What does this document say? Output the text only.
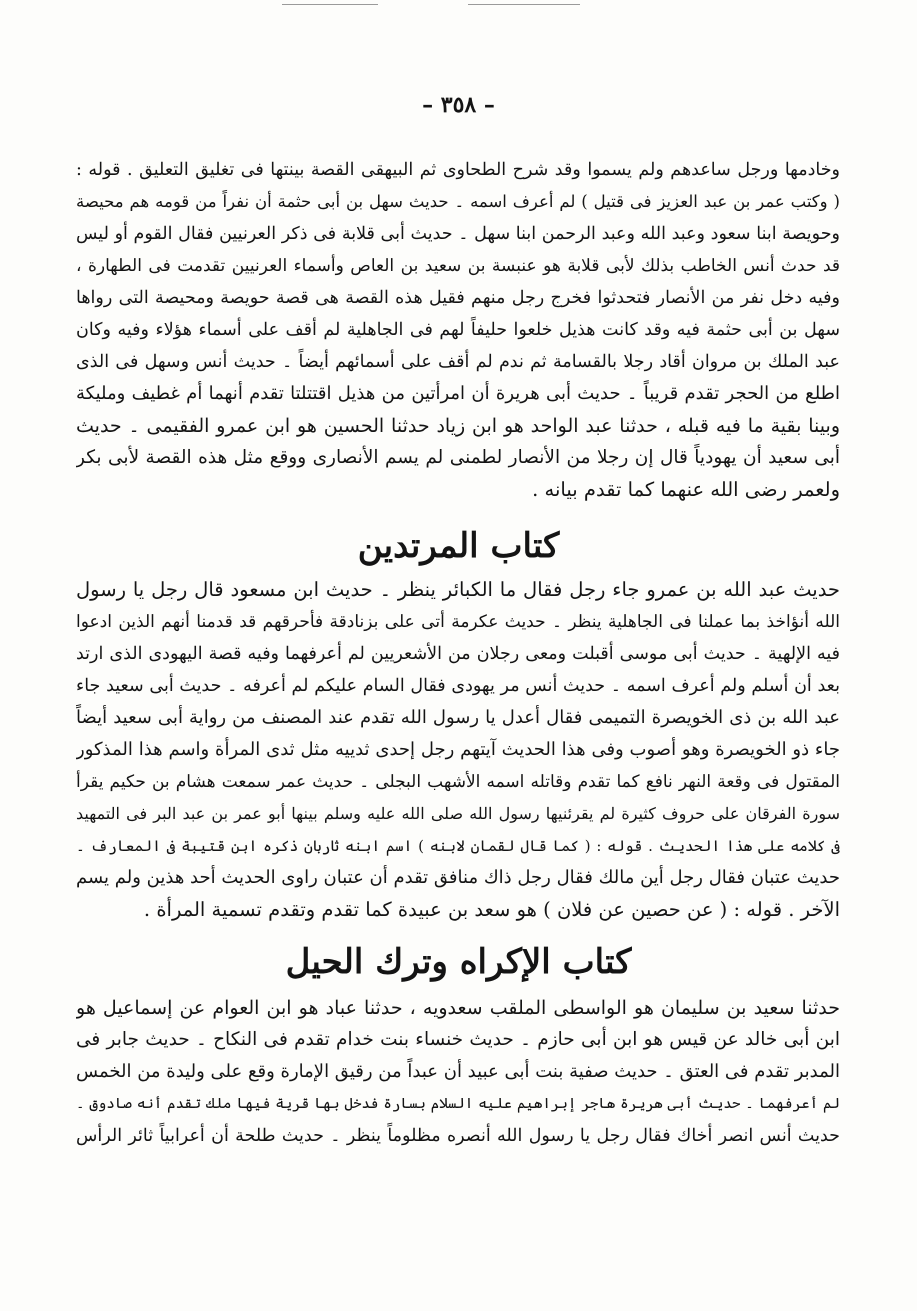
– ٣٥٨ –
وخادمها ورجل ساعدهم ولم يسموا وقد شرح الطحاوى ثم البيهقى القصة بينتها فى تغليق التعليق . قوله :
( وكتب عمر بن عبد العزيز فى قتيل ) لم أعرف اسمه ۔ حديث سهل بن أبى حثمة أن نفراً من قومه هم محيصة
وحويصة ابنا سعود وعبد الله وعبد الرحمن ابنا سهل ۔ حديث أبى قلابة فى ذكر العرنيين فقال القوم أو ليس
قد حدث أنس الخاطب بذلك لأبى قلابة هو عنبسة بن سعيد بن العاص وأسماء العرنيين تقدمت فى الطهارة ،
وفيه دخل نفر من الأنصار فتحدثوا فخرج رجل منهم فقيل هذه القصة هى قصة حويصة ومحيصة التى رواها
سهل بن أبى حثمة فيه وقد كانت هذيل خلعوا حليفاً لهم فى الجاهلية لم أقف على أسماء هؤلاء وفيه وكان
عبد الملك بن مروان أقاد رجلا بالقسامة ثم ندم لم أقف على أسمائهم أيضاً ۔ حديث أنس وسهل فى الذى
اطلع من الحجر تقدم قريباً ۔ حديث أبى هريرة أن امرأتين من هذيل اقتتلتا تقدم أنهما أم غطيف ومليكة
وبينا بقية ما فيه قبله ، حدثنا عبد الواحد هو ابن زياد حدثنا الحسين هو ابن عمرو الفقيمى ۔ حديث
أبى سعيد أن يهودياً قال إن رجلا من الأنصار لطمنى لم يسم الأنصارى ووقع مثل هذه القصة لأبى بكر
ولعمر رضى الله عنهما كما تقدم بيانه .
كتاب المرتدين
حديث عبد الله بن عمرو جاء رجل فقال ما الكبائر ينظر ۔ حديث ابن مسعود قال رجل يا رسول
الله أنؤاخذ بما عملنا فى الجاهلية ينظر ۔ حديث عكرمة أتى على بزنادقة فأحرقهم قد قدمنا أنهم الذين ادعوا
فيه الإلهية ۔ حديث أبى موسى أقبلت ومعى رجلان من الأشعريين لم أعرفهما وفيه قصة اليهودى الذى ارتد
بعد أن أسلم ولم أعرف اسمه ۔ حديث أنس مر يهودى فقال السام عليكم لم أعرفه ۔ حديث أبى سعيد جاء
عبد الله بن ذى الخويصرة التميمى فقال أعدل يا رسول الله تقدم عند المصنف من رواية أبى سعيد أيضاً
جاء ذو الخويصرة وهو أصوب وفى هذا الحديث آيتهم رجل إحدى ثدييه مثل ثدى المرأة واسم هذا المذكور
المقتول فى وقعة النهر نافع كما تقدم وقاتله اسمه الأشهب البجلى ۔ حديث عمر سمعت هشام بن حكيم يقرأ
سورة الفرقان على حروف كثيرة لم يقرئنيها رسول الله صلى الله عليه وسلم بينها أبو عمر بن عبد البر فى التمهيد
فى كلامه على هذا الحديث . قوله : ( كما قال لقمان لابنه ) اسم ابنه ثاربان ذكره ابن قتيبة فى المعارف ۔
حديث عتبان فقال رجل أين مالك فقال رجل ذاك منافق تقدم أن عتبان راوى الحديث أحد هذين ولم يسم
الآخر . قوله : ( عن حصين عن فلان ) هو سعد بن عبيدة كما تقدم وتقدم تسمية المرأة .
كتاب الإكراه وترك الحيل
حدثنا سعيد بن سليمان هو الواسطى الملقب سعدويه ، حدثنا عباد هو ابن العوام عن إسماعيل هو
ابن أبى خالد عن قيس هو ابن أبى حازم ۔ حديث خنساء بنت خدام تقدم فى النكاح ۔ حديث جابر فى
المدبر تقدم فى العتق ۔ حديث صفية بنت أبى عبيد أن عبداً من رقيق الإمارة وقع على وليدة من الخمس
لم أعرفهما ۔ حديث أبى هريرة هاجر إبراهيم عليه السلام بسارة فدخل بها قرية فيها ملك تقدم أنه صادوق ۔
حديث أنس انصر أخاك فقال رجل يا رسول الله أنصره مظلوماً ينظر ۔ حديث طلحة أن أعرابياً ثائر الرأس
